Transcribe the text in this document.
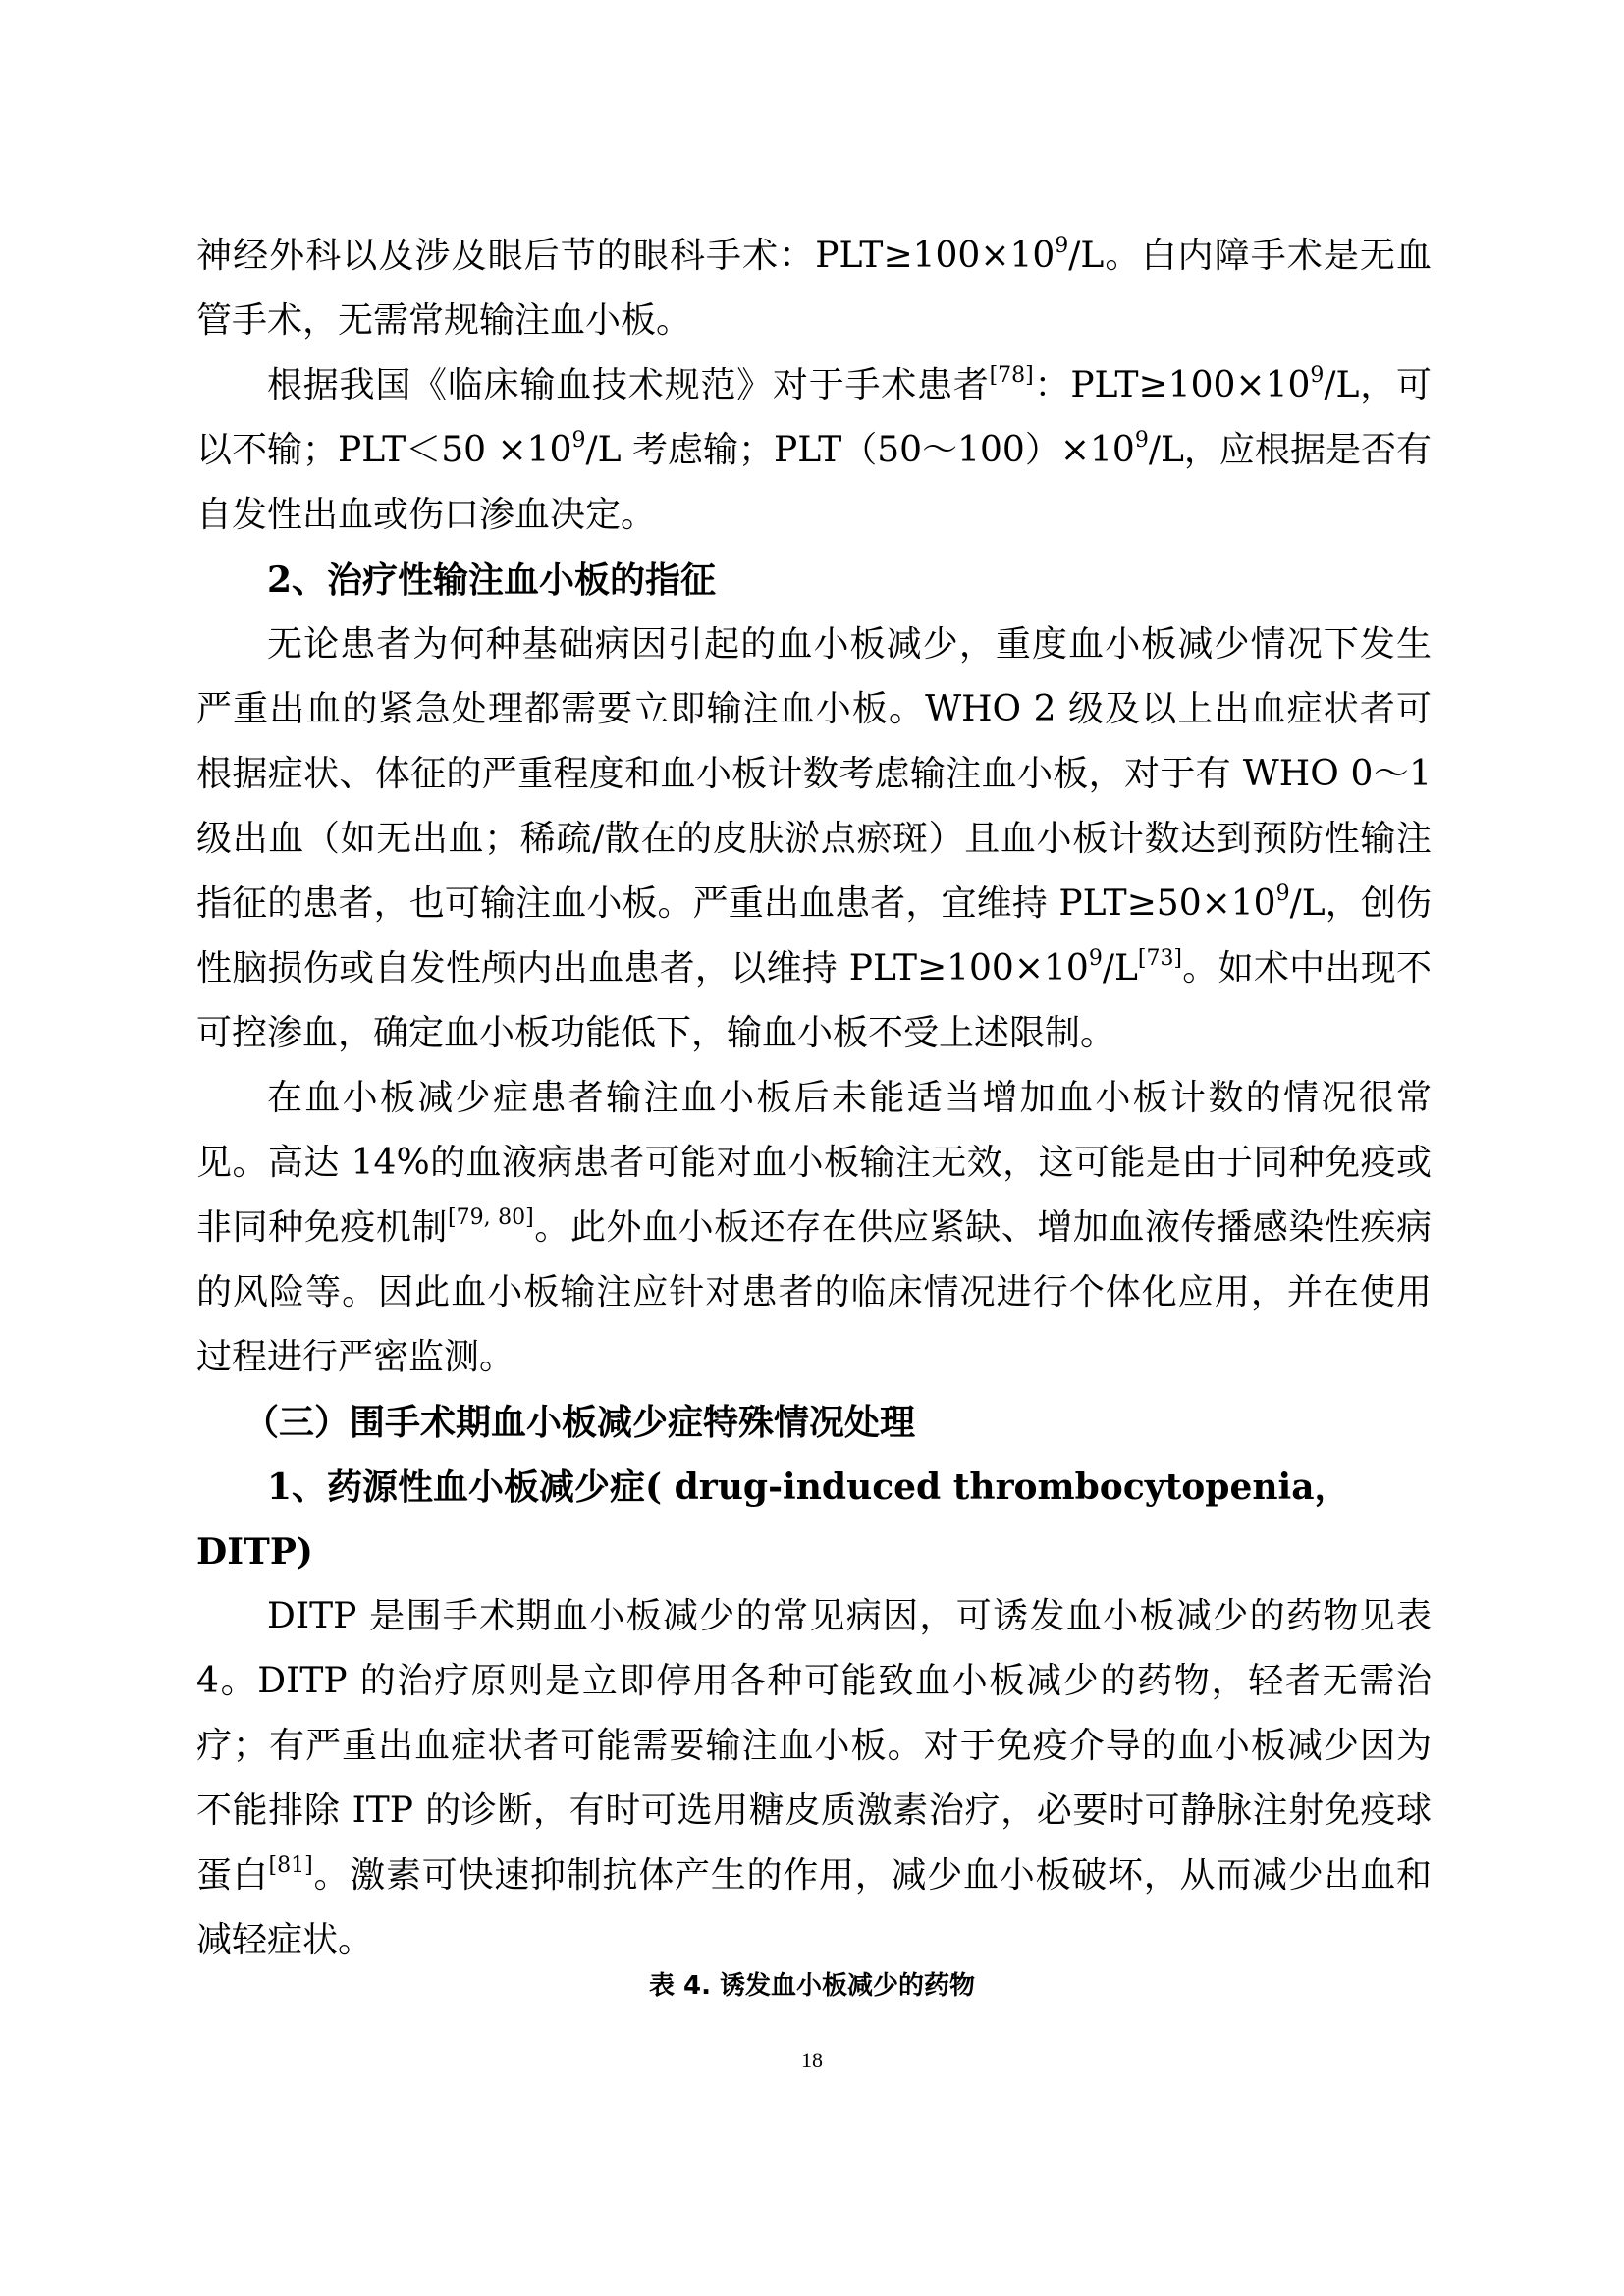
神经外科以及涉及眼后节的眼科手术：$PLT\ge 100\times 10^9/L$。白内障手术是无血管手术，无需常规输注血小板。

根据我国《临床输血技术规范》对于手术患者[78]：$PLT\ge 100\times 10^9/L$，可以不输；$PLT<50 \times 10^9/L$ 考虑输；$PLT(50\sim 100)\times 10^9/L$，应根据是否有自发性出血或伤口渗血决定。

2、治疗性输注血小板的指征

无论患者为何种基础病因引起的血小板减少，重度血小板减少情况下发生严重出血的紧急处理都需要立即输注血小板。WHO 2 级及以上出血症状者可根据症状、体征的严重程度和血小板计数考虑输注血小板，对于有 WHO 0～1 级出血（如无出血；稀疏/散在的皮肤淤点瘀斑）且血小板计数达到预防性输注指征的患者，也可输注血小板。严重出血患者，宜维持 $PLT\ge 50\times 10^9/L$，创伤性脑损伤或自发性颅内出血患者，以维持 $PLT\ge 100\times 10^9/L[73]$。如术中出现不可控渗血，确定血小板功能低下，输血小板不受上述限制。

在血小板减少症患者输注血小板后未能适当增加血小板计数的情况很常见。高达 14%的血液病患者可能对血小板输注无效，这可能是由于同种免疫或非同种免疫机制[79, 80]。此外血小板还存在供应紧缺、增加血液传播感染性疾病的风险等。因此血小板输注应针对患者的临床情况进行个体化应用，并在使用过程进行严密监测。

（三）围手术期血小板减少症特殊情况处理

1、药源性血小板减少症( drug-induced thrombocytopenia，DITP)

DITP 是围手术期血小板减少的常见病因，可诱发血小板减少的药物见表 4。DITP 的治疗原则是立即停用各种可能致血小板减少的药物，轻者无需治疗；有严重出血症状者可能需要输注血小板。对于免疫介导的血小板减少因为不能排除 ITP 的诊断，有时可选用糖皮质激素治疗，必要时可静脉注射免疫球蛋白[81]。激素可快速抑制抗体产生的作用，减少血小板破坏，从而减少出血和减轻症状。

表 4. 诱发血小板减少的药物
18
